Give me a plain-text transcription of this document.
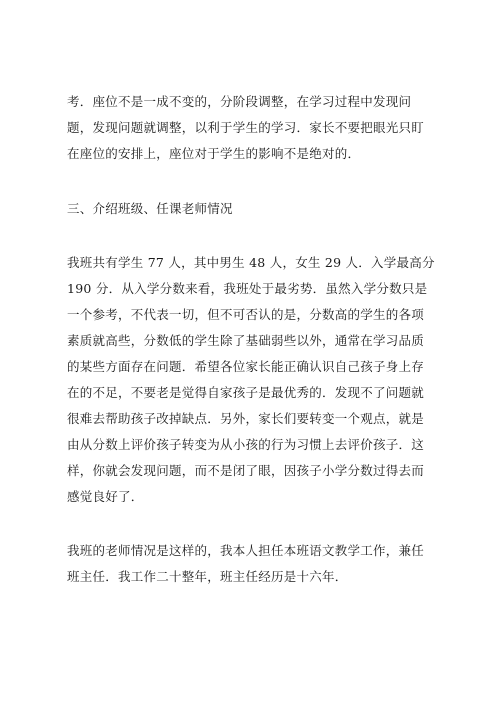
考．座位不是一成不变的，分阶段调整，在学习过程中发现问
题，发现问题就调整，以利于学生的学习．家长不要把眼光只盯
在座位的安排上，座位对于学生的影响不是绝对的．
三、介绍班级、任课老师情况
我班共有学生 77 人，其中男生 48 人，女生 29 人．入学最高分
190 分．从入学分数来看，我班处于最劣势．虽然入学分数只是
一个参考，不代表一切，但不可否认的是，分数高的学生的各项
素质就高些，分数低的学生除了基础弱些以外，通常在学习品质
的某些方面存在问题．希望各位家长能正确认识自己孩子身上存
在的不足，不要老是觉得自家孩子是最优秀的．发现不了问题就
很难去帮助孩子改掉缺点．另外，家长们要转变一个观点，就是
由从分数上评价孩子转变为从小孩的行为习惯上去评价孩子．这
样，你就会发现问题，而不是闭了眼，因孩子小学分数过得去而
感觉良好了．
我班的老师情况是这样的，我本人担任本班语文教学工作，兼任
班主任．我工作二十整年，班主任经历是十六年．
